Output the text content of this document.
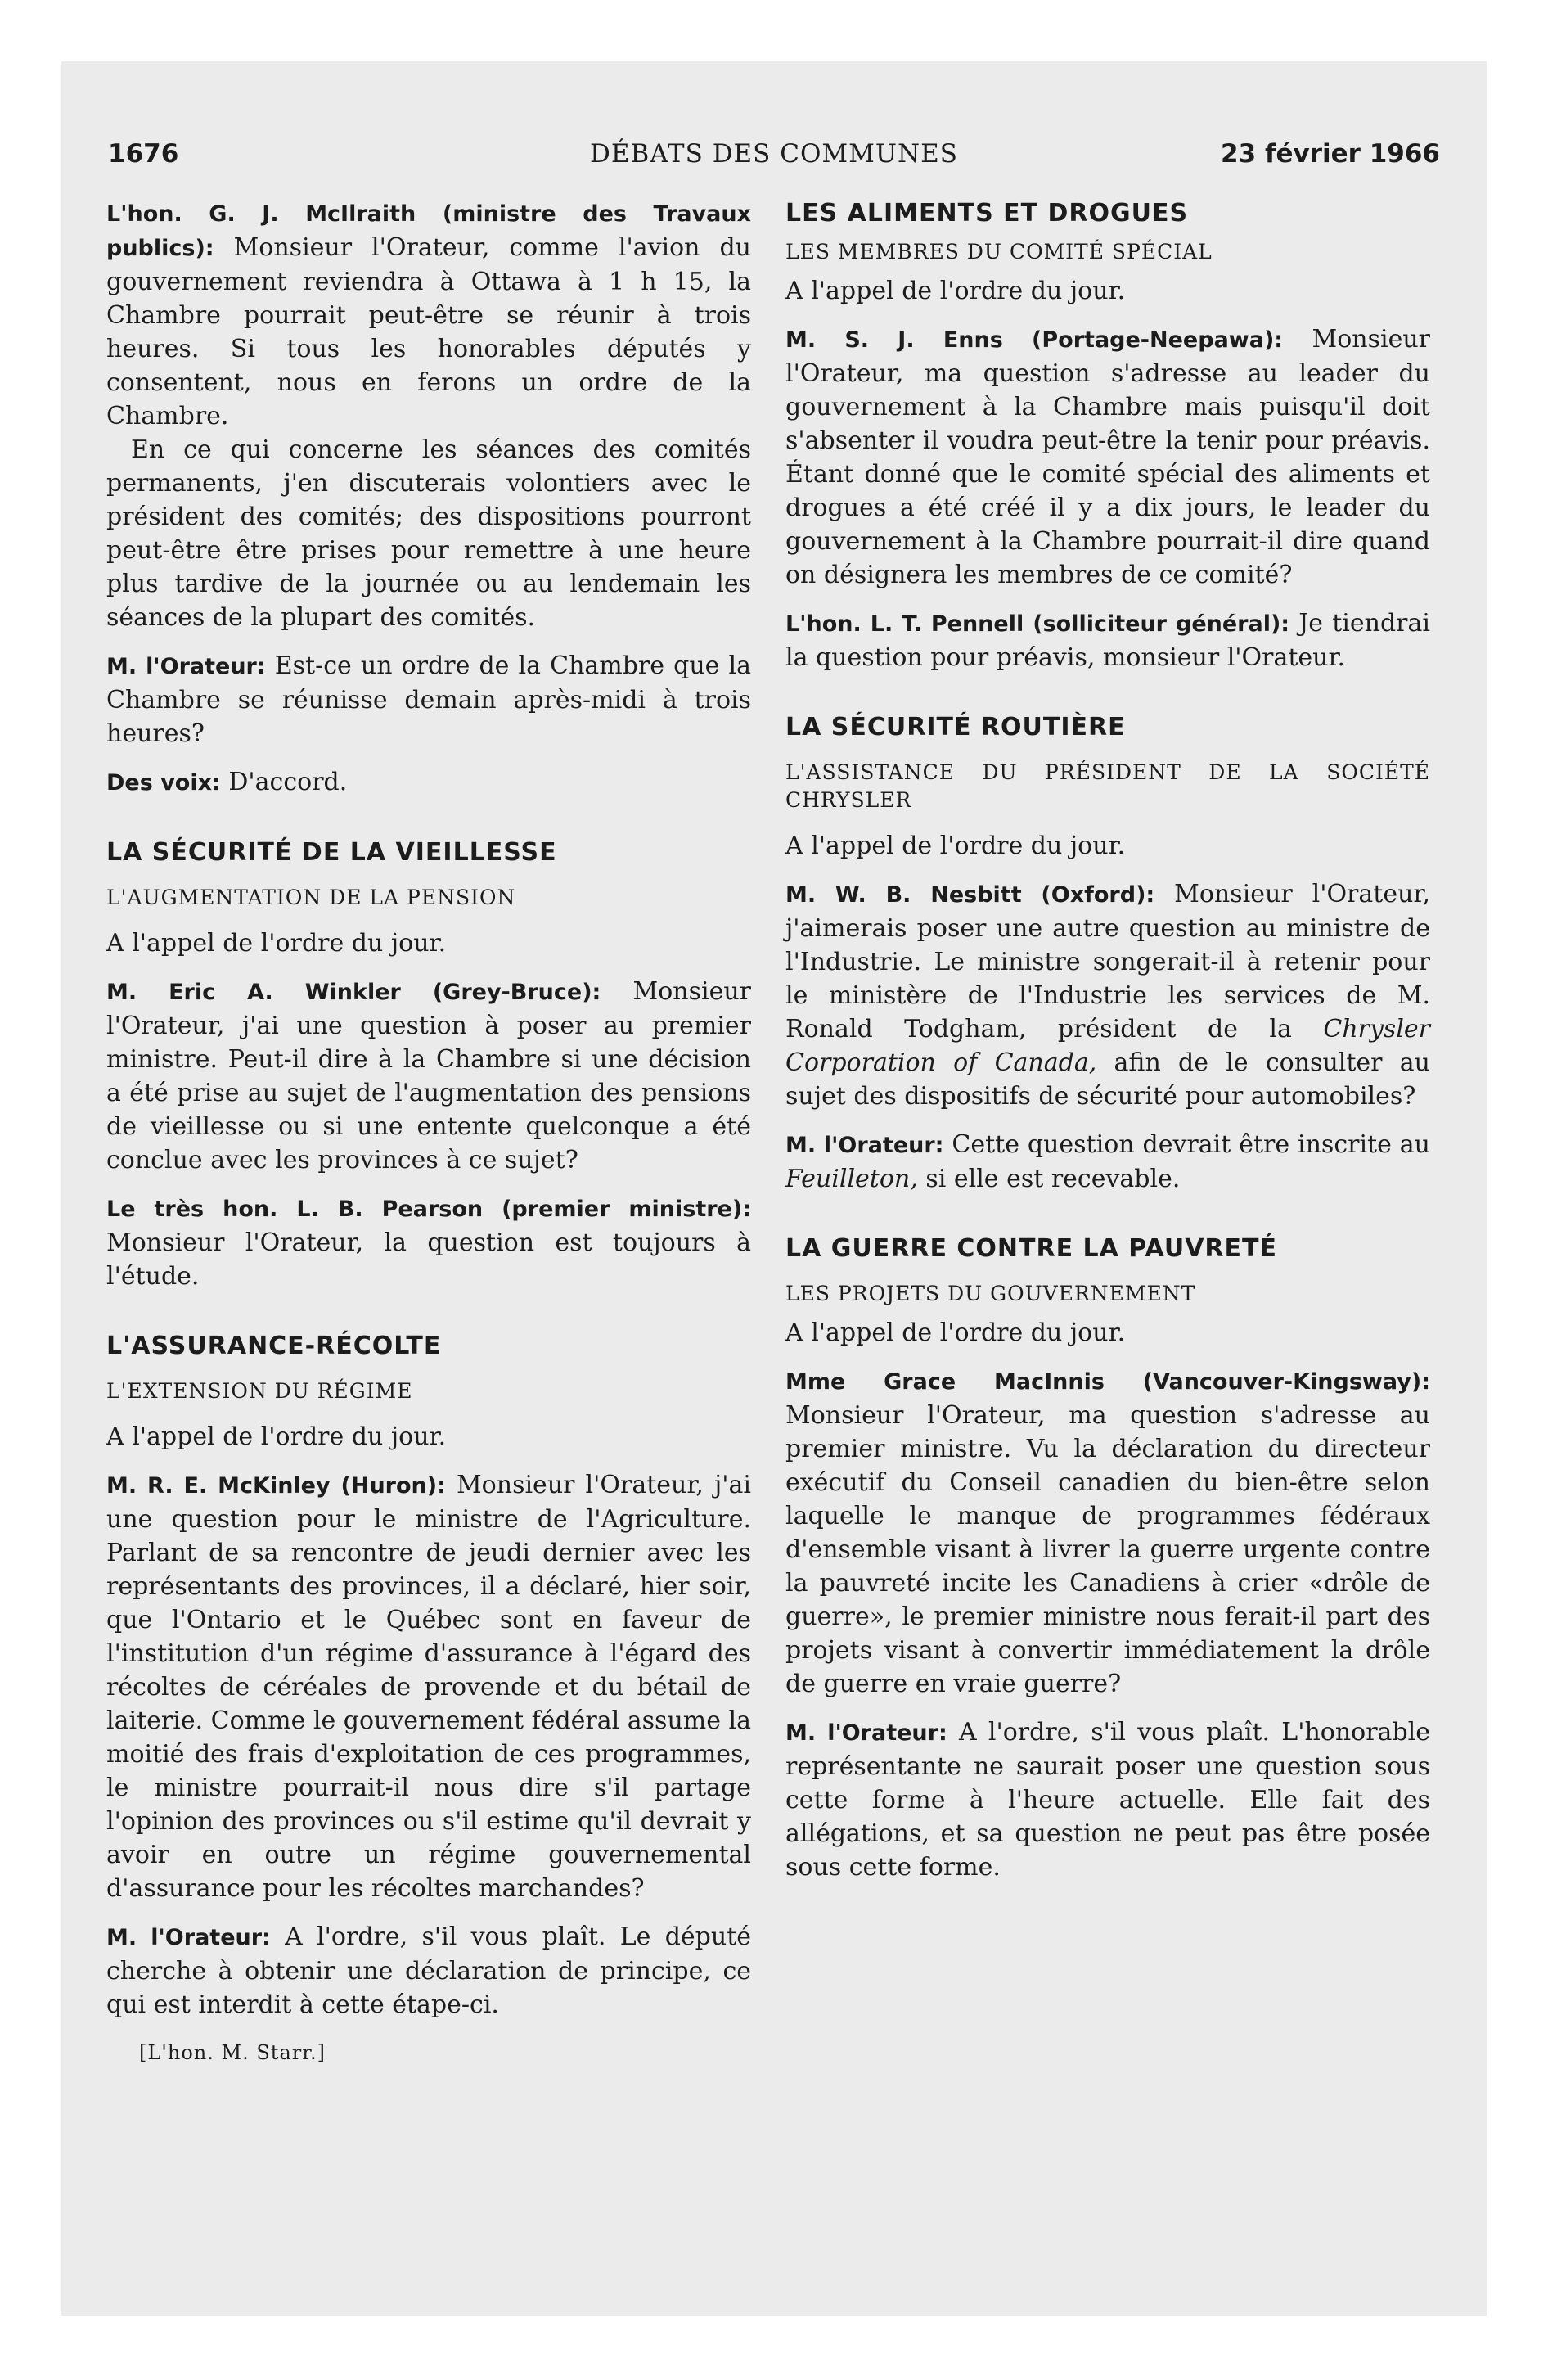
1676	DÉBATS DES COMMUNES	23 février 1966

L'hon. G. J. McIlraith (ministre des Travaux publics): Monsieur l'Orateur, comme l'avion du gouvernement reviendra à Ottawa à 1 h 15, la Chambre pourrait peut-être se réunir à trois heures. Si tous les honorables députés y consentent, nous en ferons un ordre de la Chambre.

 En ce qui concerne les séances des comités permanents, j'en discuterais volontiers avec le président des comités; des dispositions pourront peut-être être prises pour remettre à une heure plus tardive de la journée ou au lendemain les séances de la plupart des comités.

M. l'Orateur: Est-ce un ordre de la Chambre que la Chambre se réunisse demain après-midi à trois heures?

Des voix: D'accord.

LA SÉCURITÉ DE LA VIEILLESSE

L'AUGMENTATION DE LA PENSION

A l'appel de l'ordre du jour.

M. Eric A. Winkler (Grey-Bruce): Monsieur l'Orateur, j'ai une question à poser au premier ministre. Peut-il dire à la Chambre si une décision a été prise au sujet de l'augmentation des pensions de vieillesse ou si une entente quelconque a été conclue avec les provinces à ce sujet?

Le très hon. L. B. Pearson (premier ministre): Monsieur l'Orateur, la question est toujours à l'étude.

L'ASSURANCE-RÉCOLTE

L'EXTENSION DU RÉGIME

A l'appel de l'ordre du jour.

M. R. E. McKinley (Huron): Monsieur l'Orateur, j'ai une question pour le ministre de l'Agriculture. Parlant de sa rencontre de jeudi dernier avec les représentants des provinces, il a déclaré, hier soir, que l'Ontario et le Québec sont en faveur de l'institution d'un régime d'assurance à l'égard des récoltes de céréales de provende et du bétail de laiterie. Comme le gouvernement fédéral assume la moitié des frais d'exploitation de ces programmes, le ministre pourrait-il nous dire s'il partage l'opinion des provinces ou s'il estime qu'il devrait y avoir en outre un régime gouvernemental d'assurance pour les récoltes marchandes?

M. l'Orateur: A l'ordre, s'il vous plaît. Le député cherche à obtenir une déclaration de principe, ce qui est interdit à cette étape-ci.

[L'hon. M. Starr.]

LES ALIMENTS ET DROGUES

LES MEMBRES DU COMITÉ SPÉCIAL

A l'appel de l'ordre du jour.

M. S. J. Enns (Portage-Neepawa): Monsieur l'Orateur, ma question s'adresse au leader du gouvernement à la Chambre mais puisqu'il doit s'absenter il voudra peut-être la tenir pour préavis. Étant donné que le comité spécial des aliments et drogues a été créé il y a dix jours, le leader du gouvernement à la Chambre pourrait-il dire quand on désignera les membres de ce comité?

L'hon. L. T. Pennell (solliciteur général): Je tiendrai la question pour préavis, monsieur l'Orateur.

LA SÉCURITÉ ROUTIÈRE

L'ASSISTANCE DU PRÉSIDENT DE LA SOCIÉTÉ CHRYSLER

A l'appel de l'ordre du jour.

M. W. B. Nesbitt (Oxford): Monsieur l'Orateur, j'aimerais poser une autre question au ministre de l'Industrie. Le ministre songerait-il à retenir pour le ministère de l'Industrie les services de M. Ronald Todgham, président de la Chrysler Corporation of Canada, afin de le consulter au sujet des dispositifs de sécurité pour automobiles?

M. l'Orateur: Cette question devrait être inscrite au Feuilleton, si elle est recevable.

LA GUERRE CONTRE LA PAUVRETÉ

LES PROJETS DU GOUVERNEMENT

A l'appel de l'ordre du jour.

Mme Grace MacInnis (Vancouver-Kingsway): Monsieur l'Orateur, ma question s'adresse au premier ministre. Vu la déclaration du directeur exécutif du Conseil canadien du bien-être selon laquelle le manque de programmes fédéraux d'ensemble visant à livrer la guerre urgente contre la pauvreté incite les Canadiens à crier «drôle de guerre», le premier ministre nous ferait-il part des projets visant à convertir immédiatement la drôle de guerre en vraie guerre?

M. l'Orateur: A l'ordre, s'il vous plaît. L'honorable représentante ne saurait poser une question sous cette forme à l'heure actuelle. Elle fait des allégations, et sa question ne peut pas être posée sous cette forme.
